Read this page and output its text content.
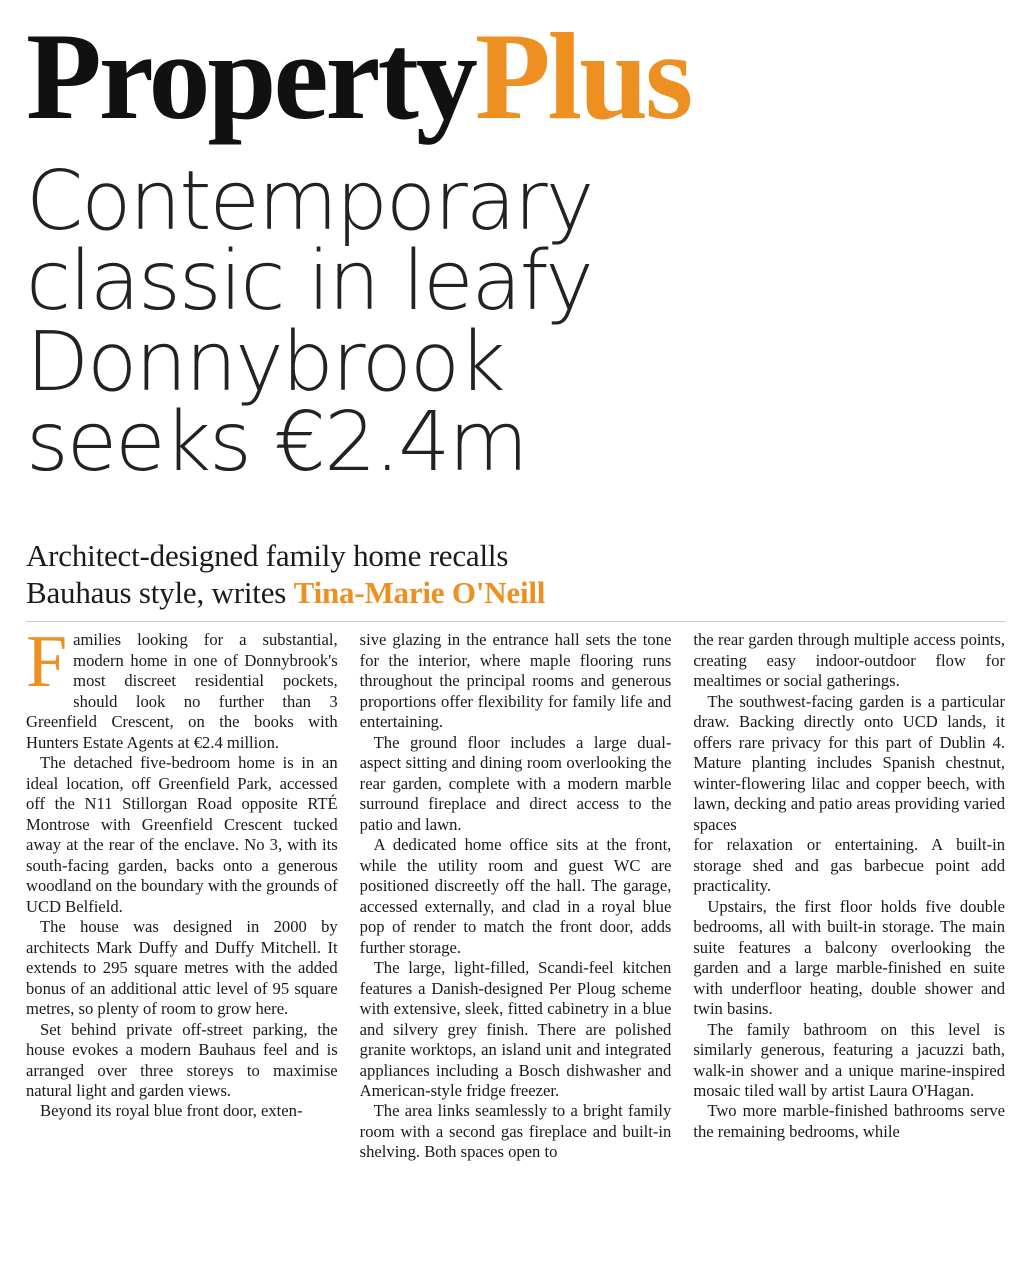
PropertyPlus
Contemporary
classic in leafy
Donnybrook
seeks €2.4m
Architect-designed family home recalls
Bauhaus style, writes Tina-Marie O'Neill

Families looking for a substantial, modern home in one of Donnybrook's most discreet residential pockets, should look no further than 3 Greenfield Crescent, on the books with Hunters Estate Agents at €2.4 million.

The detached five-bedroom home is in an ideal location, off Greenfield Park, accessed off the N11 Stillorgan Road opposite RTÉ Montrose with Greenfield Crescent tucked away at the rear of the enclave. No 3, with its south-facing garden, backs onto a generous woodland on the boundary with the grounds of UCD Belfield.

The house was designed in 2000 by architects Mark Duffy and Duffy Mitchell. It extends to 295 square metres with the added bonus of an additional attic level of 95 square metres, so plenty of room to grow here.

Set behind private off-street parking, the house evokes a modern Bauhaus feel and is arranged over three storeys to maximise natural light and garden views.

Beyond its royal blue front door, exten-

sive glazing in the entrance hall sets the tone for the interior, where maple flooring runs throughout the principal rooms and generous proportions offer flexibility for family life and entertaining.

The ground floor includes a large dual-aspect sitting and dining room overlooking the rear garden, complete with a modern marble surround fireplace and direct access to the patio and lawn.

A dedicated home office sits at the front, while the utility room and guest WC are positioned discreetly off the hall. The garage, accessed externally, and clad in a royal blue pop of render to match the front door, adds further storage.

The large, light-filled, Scandi-feel kitchen features a Danish-designed Per Ploug scheme with extensive, sleek, fitted cabinetry in a blue and silvery grey finish. There are polished granite worktops, an island unit and integrated appliances including a Bosch dishwasher and American-style fridge freezer.

The area links seamlessly to a bright family room with a second gas fireplace and built-in shelving. Both spaces open to

the rear garden through multiple access points, creating easy indoor-outdoor flow for mealtimes or social gatherings.

The southwest-facing garden is a particular draw. Backing directly onto UCD lands, it offers rare privacy for this part of Dublin 4. Mature planting includes Spanish chestnut, winter-flowering lilac and copper beech, with lawn, decking and patio areas providing varied spaces

for relaxation or entertaining. A built-in storage shed and gas barbecue point add practicality.

Upstairs, the first floor holds five double bedrooms, all with built-in storage. The main suite features a balcony overlooking the garden and a large marble-finished en suite with underfloor heating, double shower and twin basins.

The family bathroom on this level is similarly generous, featuring a jacuzzi bath, walk-in shower and a unique marine-inspired mosaic tiled wall by artist Laura O'Hagan.

Two more marble-finished bathrooms serve the remaining bedrooms, while
